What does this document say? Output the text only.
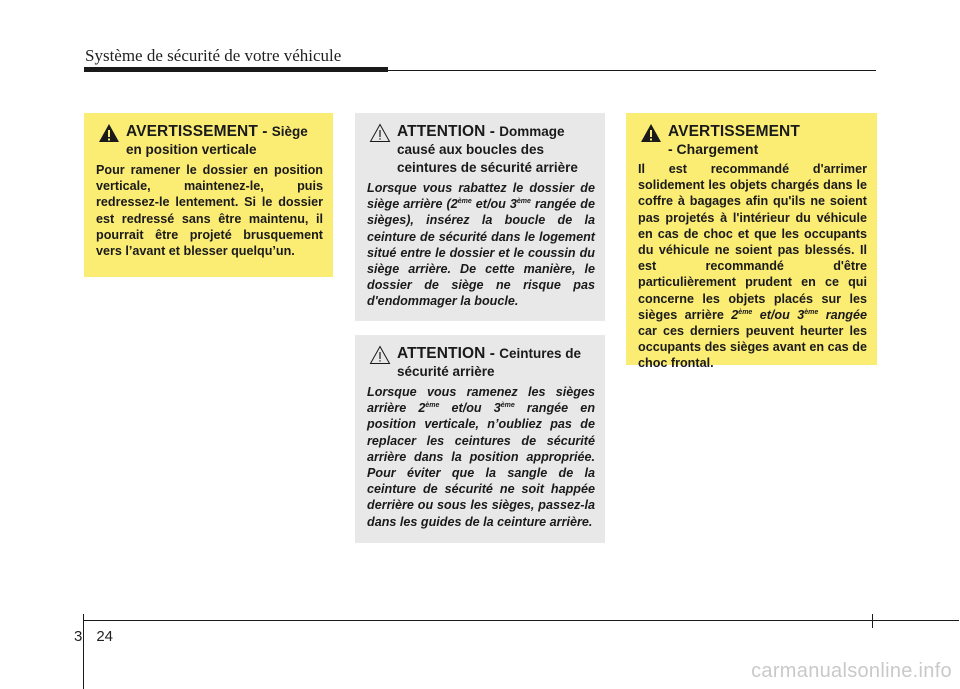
Système de sécurité de votre véhicule
AVERTISSEMENT - Siège en position verticale

Pour ramener le dossier en position verticale, maintenez-le, puis redressez-le lentement. Si le dossier est redressé sans être maintenu, il pourrait être projeté brusquement vers l’avant et blesser quelqu’un.

ATTENTION - Dommage causé aux boucles des ceintures de sécurité arrière

Lorsque vous rabattez le dossier de siège arrière (2ème et/ou 3ème rangée de sièges), insérez la boucle de la ceinture de sécurité dans le logement situé entre le dossier et le coussin du siège arrière. De cette manière, le dossier de siège ne risque pas d'endommager la boucle.

ATTENTION - Ceintures de sécurité arrière

Lorsque vous ramenez les sièges arrière 2ème et/ou 3ème rangée en position verticale, n’oubliez pas de replacer les ceintures de sécurité arrière dans la position appropriée. Pour éviter que la sangle de la ceinture de sécurité ne soit happée derrière ou sous les sièges, passez-la dans les guides de la ceinture arrière.

AVERTISSEMENT
- Chargement

Il est recommandé d'arrimer solidement les objets chargés dans le coffre à bagages afin qu'ils ne soient pas projetés à l'intérieur du véhicule en cas de choc et que les occupants du véhicule ne soient pas blessés. Il est recommandé d'être particulièrement prudent en ce qui concerne les objets placés sur les sièges arrière 2ème et/ou 3ème rangée car ces derniers peuvent heurter les occupants des sièges avant en cas de choc frontal.

3 24
carmanualsonline.info
